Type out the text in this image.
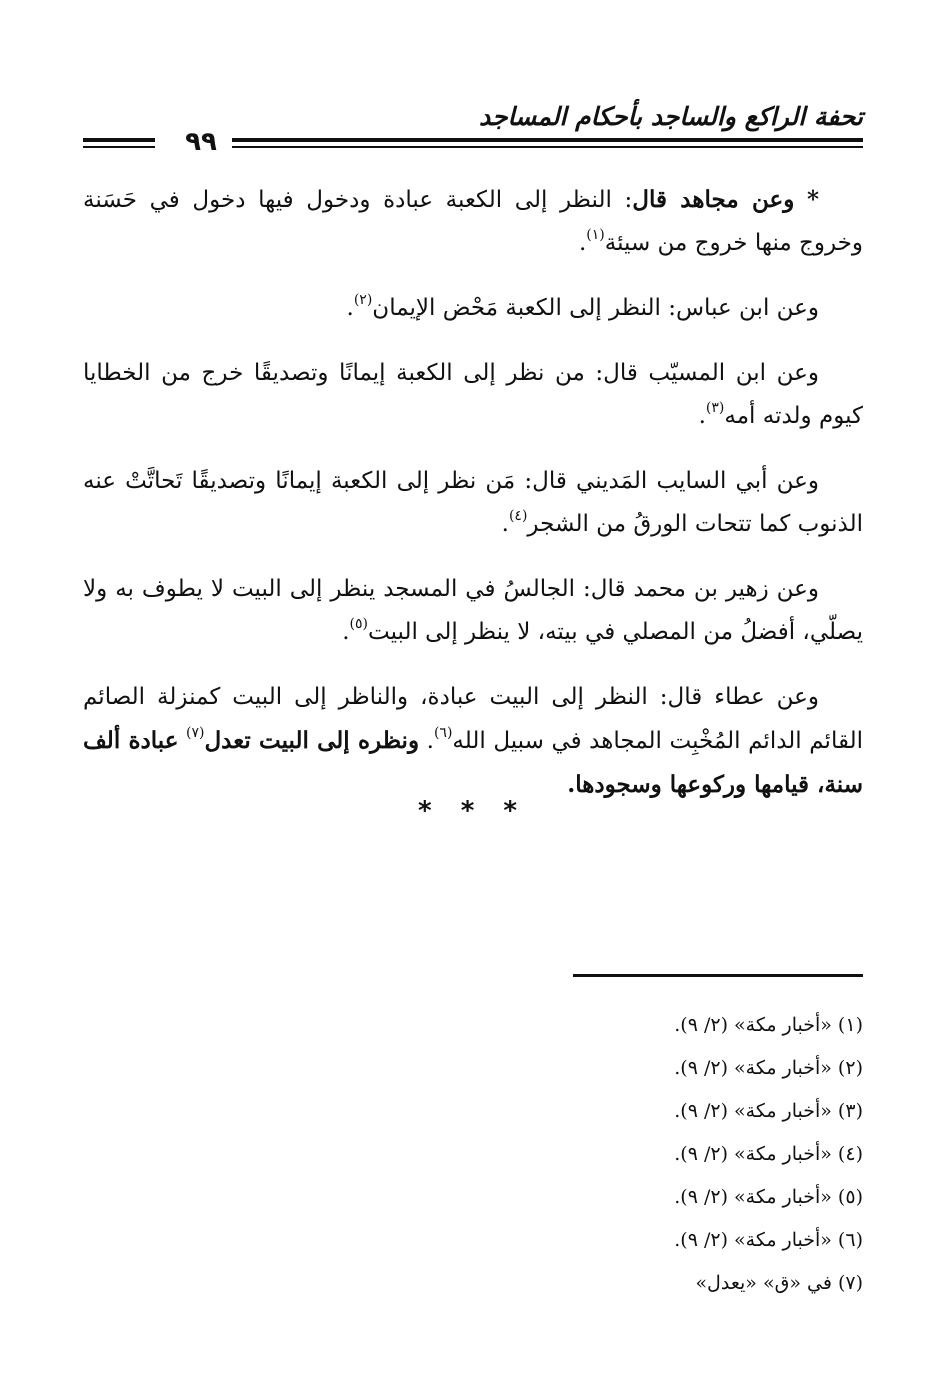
تحفة الراكع والساجد بأحكام المساجد
٩٩

* وعن مجاهد قال: النظر إلى الكعبة عبادة ودخول فيها دخول في حَسَنة وخروج منها خروج من سيئة$^{(١)}$.

وعن ابن عباس: النظر إلى الكعبة مَحْض الإيمان$^{(٢)}$.

وعن ابن المسيّب قال: من نظر إلى الكعبة إيمانًا وتصديقًا خرج من الخطايا كيوم ولدته أمه$^{(٣)}$.

وعن أبي السايب المَديني قال: مَن نظر إلى الكعبة إيمانًا وتصديقًا تَحاتَّتْ عنه الذنوب كما تتحات الورقُ من الشجر$^{(٤)}$.

وعن زهير بن محمد قال: الجالسُ في المسجد ينظر إلى البيت لا يطوف به ولا يصلّي، أفضلُ من المصلي في بيته، لا ينظر إلى البيت$^{(٥)}$.

وعن عطاء قال: النظر إلى البيت عبادة، والناظر إلى البيت كمنزلة الصائم القائم الدائم المُخْبِت المجاهد في سبيل الله$^{(٦)}$. ونظره إلى البيت تعدل$^{(٧)}$ عبادة ألف سنة، قيامها وركوعها وسجودها.

* * *
(١) «أخبار مكة» (٢/ ٩).
(٢) «أخبار مكة» (٢/ ٩).
(٣) «أخبار مكة» (٢/ ٩).
(٤) «أخبار مكة» (٢/ ٩).
(٥) «أخبار مكة» (٢/ ٩).
(٦) «أخبار مكة» (٢/ ٩).
(٧) في «ق» «يعدل»
